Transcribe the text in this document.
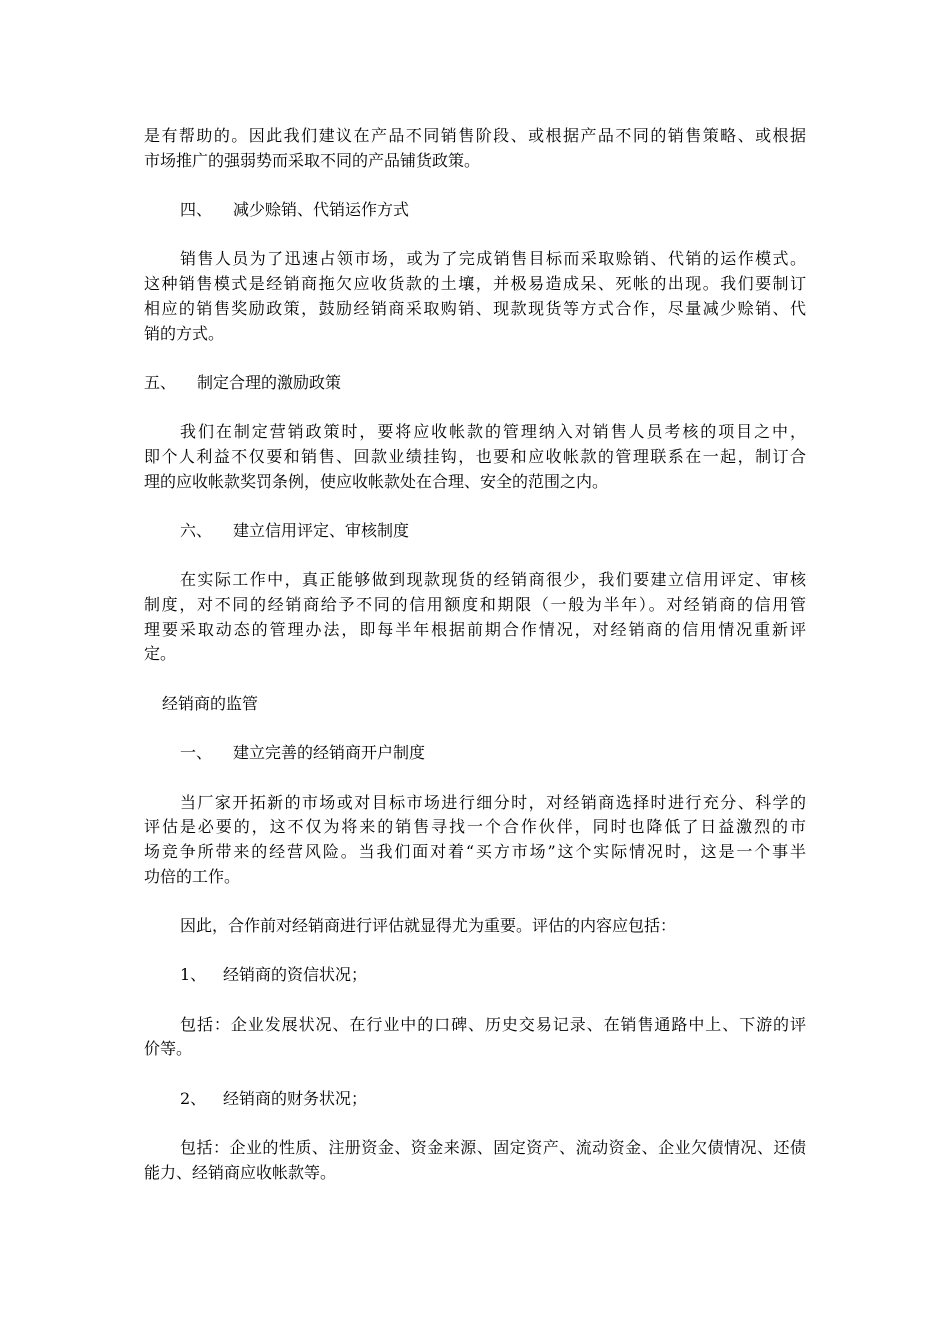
是有帮助的。因此我们建议在产品不同销售阶段、或根据产品不同的销售策略、或根据
市场推广的强弱势而采取不同的产品铺货政策。
四、 减少赊销、代销运作方式
销售人员为了迅速占领市场，或为了完成销售目标而采取赊销、代销的运作模式。
这种销售模式是经销商拖欠应收货款的土壤，并极易造成呆、死帐的出现。我们要制订
相应的销售奖励政策，鼓励经销商采取购销、现款现货等方式合作，尽量减少赊销、代
销的方式。
五、 制定合理的激励政策
我们在制定营销政策时，要将应收帐款的管理纳入对销售人员考核的项目之中，
即个人利益不仅要和销售、回款业绩挂钩，也要和应收帐款的管理联系在一起，制订合
理的应收帐款奖罚条例，使应收帐款处在合理、安全的范围之内。
六、 建立信用评定、审核制度
在实际工作中，真正能够做到现款现货的经销商很少，我们要建立信用评定、审核
制度，对不同的经销商给予不同的信用额度和期限（一般为半年）。对经销商的信用管
理要采取动态的管理办法，即每半年根据前期合作情况，对经销商的信用情况重新评
定。
经销商的监管
一、 建立完善的经销商开户制度
当厂家开拓新的市场或对目标市场进行细分时，对经销商选择时进行充分、科学的
评估是必要的，这不仅为将来的销售寻找一个合作伙伴，同时也降低了日益激烈的市
场竞争所带来的经营风险。当我们面对着“买方市场”这个实际情况时，这是一个事半
功倍的工作。
因此，合作前对经销商进行评估就显得尤为重要。评估的内容应包括：
1、 经销商的资信状况；
包括：企业发展状况、在行业中的口碑、历史交易记录、在销售通路中上、下游的评
价等。
2、 经销商的财务状况；
包括：企业的性质、注册资金、资金来源、固定资产、流动资金、企业欠债情况、还债
能力、经销商应收帐款等。
